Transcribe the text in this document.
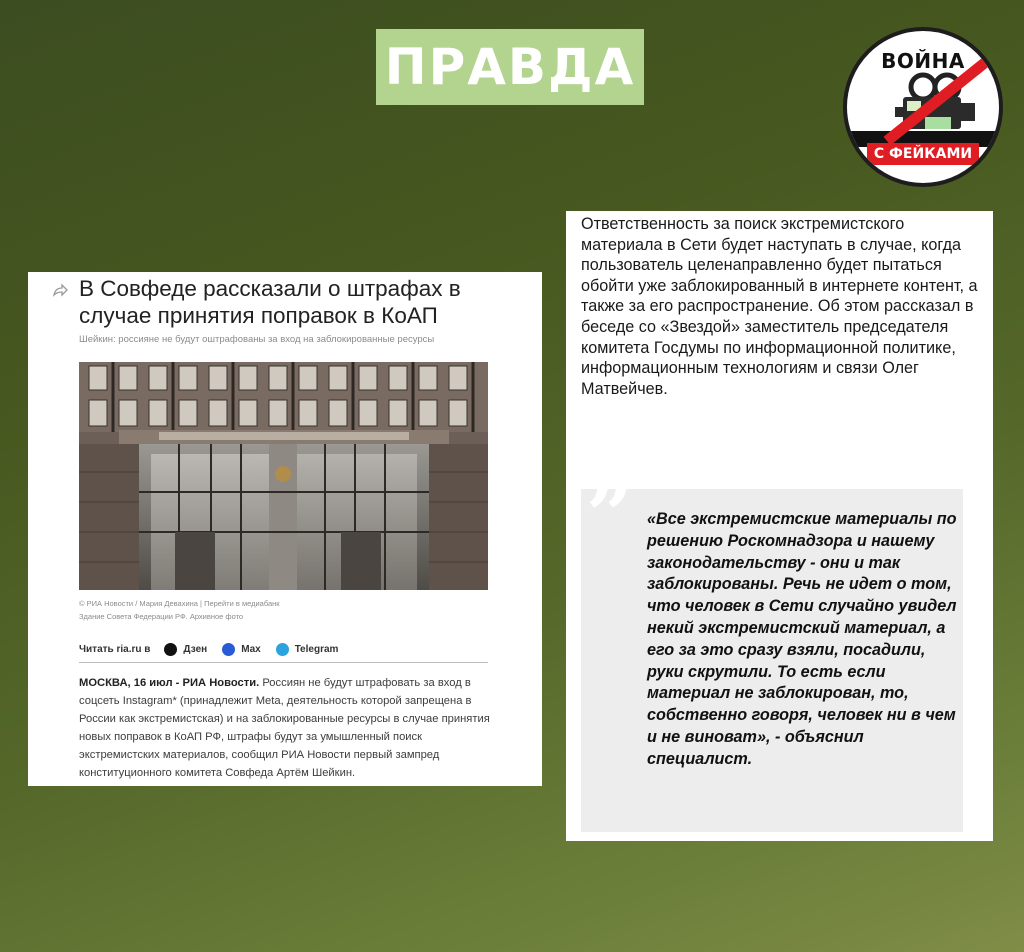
ПРАВДА	ВОЙНА
С ФЕЙКАМИ
В Совфеде рассказали о штрафах в случае принятия поправок в КоАП
Шейкин: россияне не будут оштрафованы за вход на заблокированные ресурсы
© РИА Новости / Мария Девахина | Перейти в медиабанк
Здание Совета Федерации РФ. Архивное фото
Читать ria.ru в	Дзен	Max	Telegram
МОСКВА, 16 июл - РИА Новости. Россиян не будут штрафовать за вход в соцсеть Instagram* (принадлежит Meta, деятельность которой запрещена в России как экстремистская) и на заблокированные ресурсы в случае принятия новых поправок в КоАП РФ, штрафы будут за умышленный поиск экстремистских материалов, сообщил РИА Новости первый зампред конституционного комитета Совфеда Артём Шейкин.
Ответственность за поиск экстремистского материала в Сети будет наступать в случае, когда пользователь целенаправленно будет пытаться обойти уже заблокированный в интернете контент, а также за его распространение. Об этом рассказал в беседе со «Звездой» заместитель председателя комитета Госдумы по информационной политике, информационным технологиям и связи Олег Матвейчев.
” «Все экстремистские материалы по решению Роскомнадзора и нашему законодательству - они и так заблокированы. Речь не идет о том, что человек в Сети случайно увидел некий экстремистский материал, а его за это сразу взяли, посадили, руки скрутили. То есть если материал не заблокирован, то, собственно говоря, человек ни в чем и не виноват», - объяснил специалист.
